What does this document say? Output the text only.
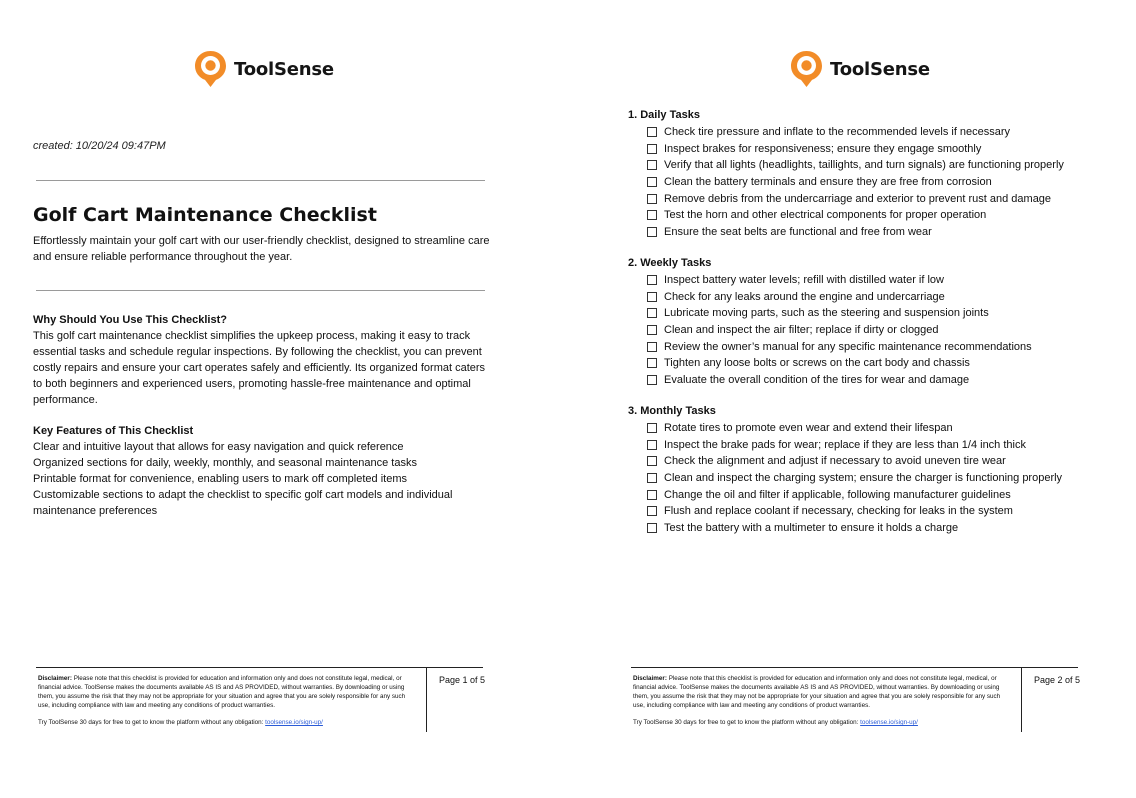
ToolSense
created: 10/20/24 09:47PM
Golf Cart Maintenance Checklist

Effortlessly maintain your golf cart with our user-friendly checklist, designed to streamline care and ensure reliable performance throughout the year.

Why Should You Use This Checklist?

This golf cart maintenance checklist simplifies the upkeep process, making it easy to track essential tasks and schedule regular inspections. By following the checklist, you can prevent costly repairs and ensure your cart operates safely and efficiently. Its organized format caters to both beginners and experienced users, promoting hassle-free maintenance and optimal performance.

Key Features of This Checklist

Clear and intuitive layout that allows for easy navigation and quick reference
Organized sections for daily, weekly, monthly, and seasonal maintenance tasks
Printable format for convenience, enabling users to mark off completed items
Customizable sections to adapt the checklist to specific golf cart models and individual maintenance preferences
Disclaimer: Please note that this checklist is provided for education and information only and does not constitute legal, medical, or financial advice. ToolSense makes the documents available AS IS and AS PROVIDED, without warranties. By downloading or using them, you assume the risk that they may not be appropriate for your situation and agree that you are solely responsible for any such use, including compliance with law and meeting any conditions of product warranties.
Try ToolSense 30 days for free to get to know the platform without any obligation: toolsense.io/sign-up/
Page 1 of 5
ToolSense

1. Daily Tasks

Check tire pressure and inflate to the recommended levels if necessary
Inspect brakes for responsiveness; ensure they engage smoothly
Verify that all lights (headlights, taillights, and turn signals) are functioning properly
Clean the battery terminals and ensure they are free from corrosion
Remove debris from the undercarriage and exterior to prevent rust and damage
Test the horn and other electrical components for proper operation
Ensure the seat belts are functional and free from wear

2. Weekly Tasks

Inspect battery water levels; refill with distilled water if low
Check for any leaks around the engine and undercarriage
Lubricate moving parts, such as the steering and suspension joints
Clean and inspect the air filter; replace if dirty or clogged
Review the owner’s manual for any specific maintenance recommendations
Tighten any loose bolts or screws on the cart body and chassis
Evaluate the overall condition of the tires for wear and damage

3. Monthly Tasks

Rotate tires to promote even wear and extend their lifespan
Inspect the brake pads for wear; replace if they are less than 1/4 inch thick
Check the alignment and adjust if necessary to avoid uneven tire wear
Clean and inspect the charging system; ensure the charger is functioning properly
Change the oil and filter if applicable, following manufacturer guidelines
Flush and replace coolant if necessary, checking for leaks in the system
Test the battery with a multimeter to ensure it holds a charge
Disclaimer: Please note that this checklist is provided for education and information only and does not constitute legal, medical, or financial advice. ToolSense makes the documents available AS IS and AS PROVIDED, without warranties. By downloading or using them, you assume the risk that they may not be appropriate for your situation and agree that you are solely responsible for any such use, including compliance with law and meeting any conditions of product warranties.
Try ToolSense 30 days for free to get to know the platform without any obligation: toolsense.io/sign-up/
Page 2 of 5
